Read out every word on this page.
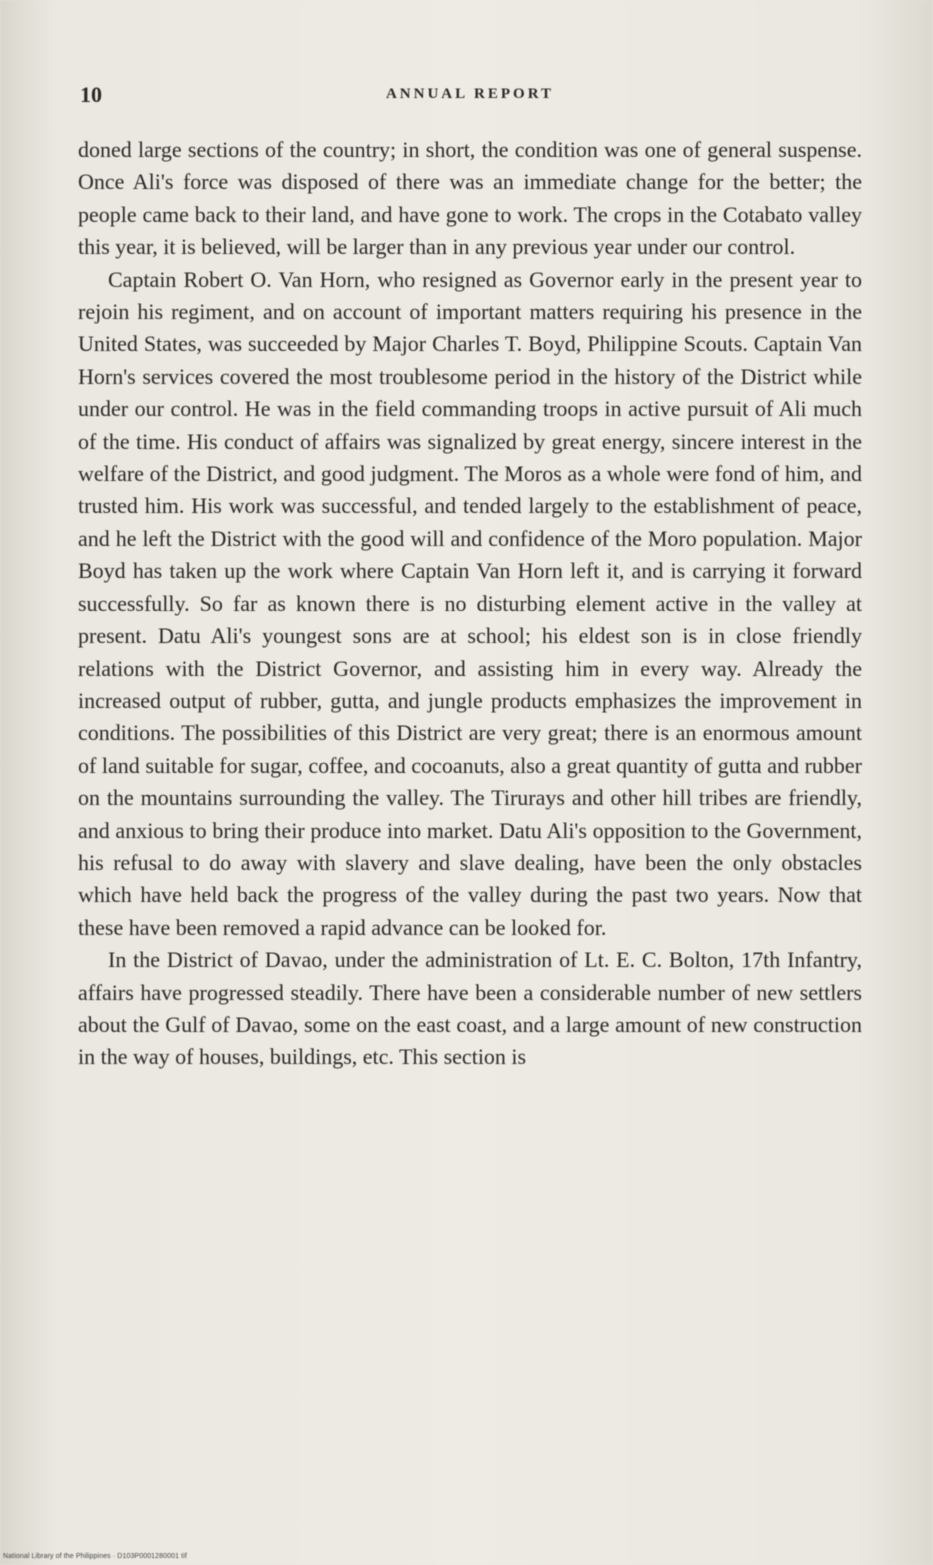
10	ANNUAL REPORT

doned large sections of the country; in short, the condition was one of general suspense. Once Ali's force was disposed of there was an immediate change for the better; the people came back to their land, and have gone to work. The crops in the Cotabato valley this year, it is believed, will be larger than in any previous year under our control.

Captain Robert O. Van Horn, who resigned as Governor early in the present year to rejoin his regiment, and on account of important matters requiring his presence in the United States, was succeeded by Major Charles T. Boyd, Philippine Scouts. Captain Van Horn's services covered the most troublesome period in the history of the District while under our control. He was in the field commanding troops in active pursuit of Ali much of the time. His conduct of affairs was signalized by great energy, sincere interest in the welfare of the District, and good judgment. The Moros as a whole were fond of him, and trusted him. His work was successful, and tended largely to the establishment of peace, and he left the District with the good will and confidence of the Moro population. Major Boyd has taken up the work where Captain Van Horn left it, and is carrying it forward successfully. So far as known there is no disturbing element active in the valley at present. Datu Ali's youngest sons are at school; his eldest son is in close friendly relations with the District Governor, and assisting him in every way. Already the increased output of rubber, gutta, and jungle products emphasizes the improvement in conditions. The possibilities of this District are very great; there is an enormous amount of land suitable for sugar, coffee, and cocoanuts, also a great quantity of gutta and rubber on the mountains surrounding the valley. The Tirurays and other hill tribes are friendly, and anxious to bring their produce into market. Datu Ali's opposition to the Government, his refusal to do away with slavery and slave dealing, have been the only obstacles which have held back the progress of the valley during the past two years. Now that these have been removed a rapid advance can be looked for.

In the District of Davao, under the administration of Lt. E. C. Bolton, 17th Infantry, affairs have progressed steadily. There have been a considerable number of new settlers about the Gulf of Davao, some on the east coast, and a large amount of new construction in the way of houses, buildings, etc. This section is

National Library of the Philippines · D103P0001280001 tif
